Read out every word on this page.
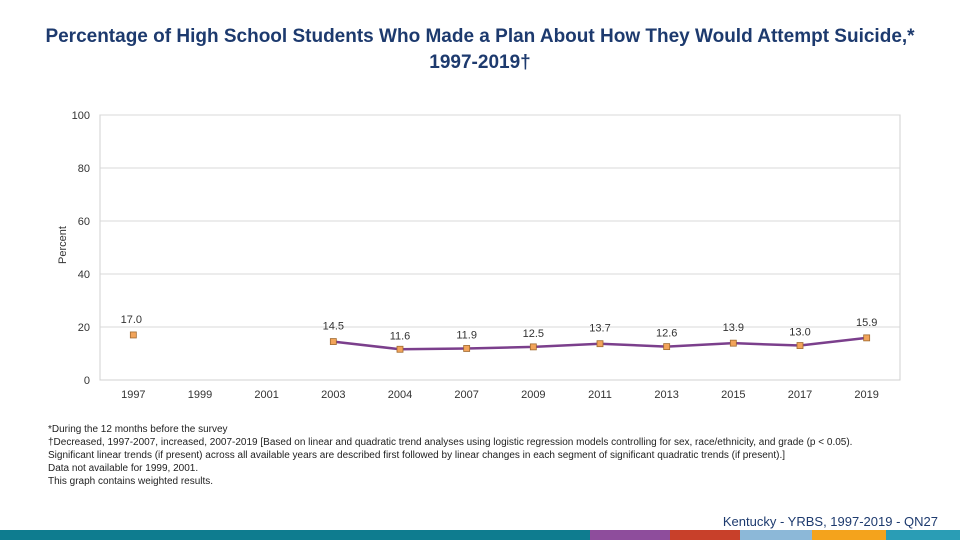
Percentage of High School Students Who Made a Plan About How They Would Attempt Suicide,*
1997-2019†
0
20
40
60
80
100
1997	1999	2001	2003	2004	2007	2009	2011	2013	2015	2017	2019
Percent
17.0
14.5
11.6	11.9	12.5	13.7	12.6	13.9	13.0
15.9
*During the 12 months before the survey
†Decreased, 1997-2007, increased, 2007-2019 [Based on linear and quadratic trend analyses using logistic regression models controlling for sex, race/ethnicity, and grade (p < 0.05). Significant linear trends (if present) across all available years are described first followed by linear changes in each segment of significant quadratic trends (if present).]
Data not available for 1999, 2001.
This graph contains weighted results.
Kentucky - YRBS, 1997-2019 - QN27
